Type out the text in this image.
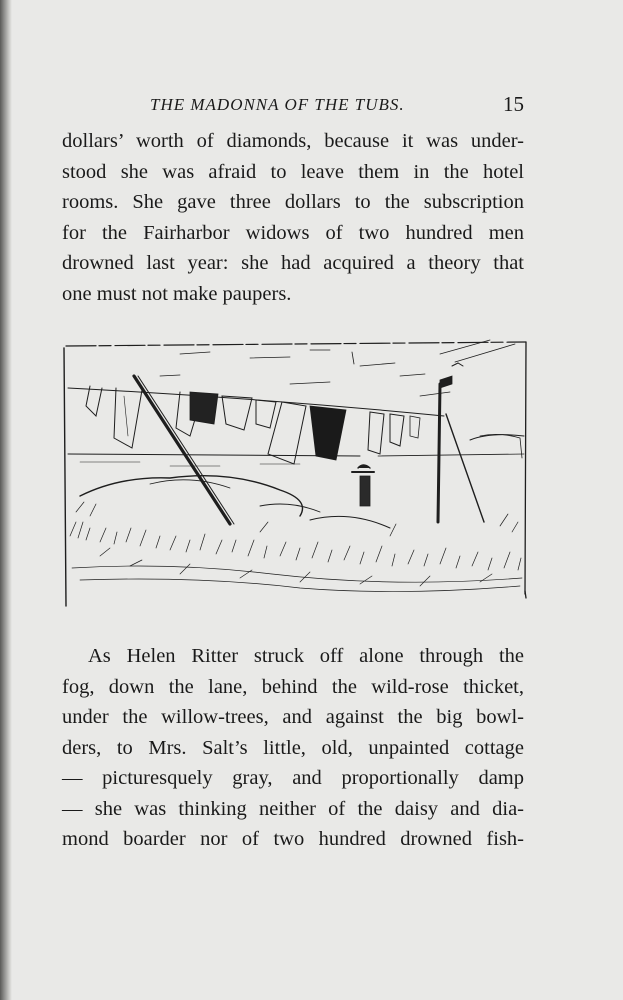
THE MADONNA OF THE TUBS.	15

dollars’ worth of diamonds, because it was under-
stood she was afraid to leave them in the hotel
rooms. She gave three dollars to the subscription
for the Fairharbor widows of two hundred men
drowned last year: she had acquired a theory that
one must not make paupers.

As Helen Ritter struck off alone through the
fog, down the lane, behind the wild-rose thicket,
under the willow-trees, and against the big bowl-
ders, to Mrs. Salt’s little, old, unpainted cottage
— picturesquely gray, and proportionally damp
— she was thinking neither of the daisy and dia-
mond boarder nor of two hundred drowned fish-
